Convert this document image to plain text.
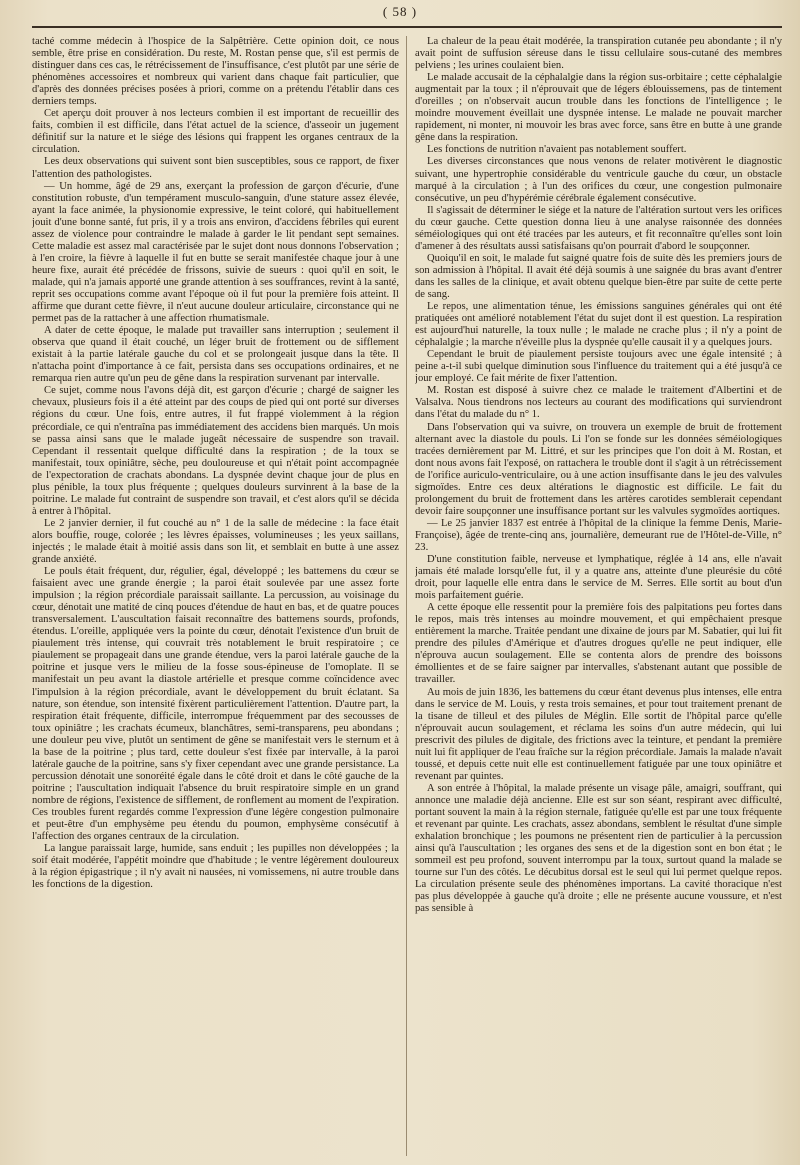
( 58 )

taché comme médecin à l'hospice de la Salpêtrière. Cette opinion doit, ce nous semble, être prise en considération. Du reste, M. Rostan pense que, s'il est permis de distinguer dans ces cas, le rétrécissement de l'insuffisance, c'est plutôt par une série de phénomènes accessoires et nombreux qui varient dans chaque fait particulier, que d'après des données précises posées à priori, comme on a prétendu l'établir dans ces derniers temps.

Cet aperçu doit prouver à nos lecteurs combien il est important de recueillir des faits, combien il est difficile, dans l'état actuel de la science, d'asseoir un jugement définitif sur la nature et le siége des lésions qui frappent les organes centraux de la circulation.

Les deux observations qui suivent sont bien susceptibles, sous ce rapport, de fixer l'attention des pathologistes.

— Un homme, âgé de 29 ans, exerçant la profession de garçon d'écurie, d'une constitution robuste, d'un tempérament musculo-sanguin, d'une stature assez élevée, ayant la face animée, la physionomie expressive, le teint coloré, qui habituellement jouit d'une bonne santé, fut pris, il y a trois ans environ, d'accidens fébriles qui eurent assez de violence pour contraindre le malade à garder le lit pendant sept semaines. Cette maladie est assez mal caractérisée par le sujet dont nous donnons l'observation ; à l'en croire, la fièvre à laquelle il fut en butte se serait manifestée chaque jour à une heure fixe, aurait été précédée de frissons, suivie de sueurs : quoi qu'il en soit, le malade, qui n'a jamais apporté une grande attention à ses souffrances, revint à la santé, reprit ses occupations comme avant l'époque où il fut pour la première fois atteint. Il affirme que durant cette fièvre, il n'eut aucune douleur articulaire, circonstance qui ne permet pas de la rattacher à une affection rhumatismale.

A dater de cette époque, le malade put travailler sans interruption ; seulement il observa que quand il était couché, un léger bruit de frottement ou de sifflement existait à la partie latérale gauche du col et se prolongeait jusque dans la tête. Il n'attacha point d'importance à ce fait, persista dans ses occupations ordinaires, et ne remarqua rien autre qu'un peu de gêne dans la respiration survenant par intervalle.

Ce sujet, comme nous l'avons déjà dit, est garçon d'écurie ; chargé de saigner les chevaux, plusieurs fois il a été atteint par des coups de pied qui ont porté sur diverses régions du cœur. Une fois, entre autres, il fut frappé violemment à la région précordiale, ce qui n'entraîna pas immédiatement des accidens bien marqués. Un mois se passa ainsi sans que le malade jugeât nécessaire de suspendre son travail. Cependant il ressentait quelque difficulté dans la respiration ; de la toux se manifestait, toux opiniâtre, sèche, peu douloureuse et qui n'était point accompagnée de l'expectoration de crachats abondans. La dyspnée devint chaque jour de plus en plus pénible, la toux plus fréquente ; quelques douleurs survinrent à la base de la poitrine. Le malade fut contraint de suspendre son travail, et c'est alors qu'il se décida à entrer à l'hôpital.

Le 2 janvier dernier, il fut couché au n° 1 de la salle de médecine : la face était alors bouffie, rouge, colorée ; les lèvres épaisses, volumineuses ; les yeux saillans, injectés ; le malade était à moitié assis dans son lit, et semblait en butte à une assez grande anxiété.

Le pouls était fréquent, dur, régulier, égal, développé ; les battemens du cœur se faisaient avec une grande énergie ; la paroi était soulevée par une assez forte impulsion ; la région précordiale paraissait saillante. La percussion, au voisinage du cœur, dénotait une matité de cinq pouces d'étendue de haut en bas, et de quatre pouces transversalement. L'auscultation faisait reconnaître des battemens sourds, profonds, étendus. L'oreille, appliquée vers la pointe du cœur, dénotait l'existence d'un bruit de piaulement très intense, qui couvrait très notablement le bruit respiratoire ; ce piaulement se propageait dans une grande étendue, vers la paroi latérale gauche de la poitrine et jusque vers le milieu de la fosse sous-épineuse de l'omoplate. Il se manifestait un peu avant la diastole artérielle et presque comme coïncidence avec l'impulsion à la région précordiale, avant le développement du bruit éclatant. Sa nature, son étendue, son intensité fixèrent particulièrement l'attention. D'autre part, la respiration était fréquente, difficile, interrompue fréquemment par des secousses de toux opiniâtre ; les crachats écumeux, blanchâtres, semi-transparens, peu abondans ; une douleur peu vive, plutôt un sentiment de gêne se manifestait vers le sternum et à la base de la poitrine ; plus tard, cette douleur s'est fixée par intervalle, à la paroi latérale gauche de la poitrine, sans s'y fixer cependant avec une grande persistance. La percussion dénotait une sonoréité égale dans le côté droit et dans le côté gauche de la poitrine ; l'auscultation indiquait l'absence du bruit respiratoire simple en un grand nombre de régions, l'existence de sifflement, de ronflement au moment de l'expiration. Ces troubles furent regardés comme l'expression d'une légère congestion pulmonaire et peut-être d'un emphysème peu étendu du poumon, emphysème consécutif à l'affection des organes centraux de la circulation.

La langue paraissait large, humide, sans enduit ; les pupilles non développées ; la soif était modérée, l'appétit moindre que d'habitude ; le ventre légèrement douloureux à la région épigastrique ; il n'y avait ni nausées, ni vomissemens, ni autre trouble dans les fonctions de la digestion.

La chaleur de la peau était modérée, la transpiration cutanée peu abondante ; il n'y avait point de suffusion séreuse dans le tissu cellulaire sous-cutané des membres pelviens ; les urines coulaient bien.

Le malade accusait de la céphalalgie dans la région sus-orbitaire ; cette céphalalgie augmentait par la toux ; il n'éprouvait que de légers éblouissemens, pas de tintement d'oreilles ; on n'observait aucun trouble dans les fonctions de l'intelligence ; le moindre mouvement éveillait une dyspnée intense. Le malade ne pouvait marcher rapidement, ni monter, ni mouvoir les bras avec force, sans être en butte à une grande gêne dans la respiration.

Les fonctions de nutrition n'avaient pas notablement souffert.

Les diverses circonstances que nous venons de relater motivèrent le diagnostic suivant, une hypertrophie considérable du ventricule gauche du cœur, un obstacle marqué à la circulation ; à l'un des orifices du cœur, une congestion pulmonaire consécutive, un peu d'hypérémie cérébrale également consécutive.

Il s'agissait de déterminer le siége et la nature de l'altération surtout vers les orifices du cœur gauche. Cette question donna lieu à une analyse raisonnée des données séméiologiques qui ont été tracées par les auteurs, et fit reconnaître qu'elles sont loin d'amener à des résultats aussi satisfaisans qu'on pourrait d'abord le soupçonner.

Quoiqu'il en soit, le malade fut saigné quatre fois de suite dès les premiers jours de son admission à l'hôpital. Il avait été déjà soumis à une saignée du bras avant d'entrer dans les salles de la clinique, et avait obtenu quelque bien-être par suite de cette perte de sang.

Le repos, une alimentation ténue, les émissions sanguines générales qui ont été pratiquées ont amélioré notablement l'état du sujet dont il est question. La respiration est aujourd'hui naturelle, la toux nulle ; le malade ne crache plus ; il n'y a point de céphalalgie ; la marche n'éveille plus la dyspnée qu'elle causait il y a quelques jours.

Cependant le bruit de piaulement persiste toujours avec une égale intensité ; à peine a-t-il subi quelque diminution sous l'influence du traitement qui a été jusqu'à ce jour employé. Ce fait mérite de fixer l'attention.

M. Rostan est disposé à suivre chez ce malade le traitement d'Albertini et de Valsalva. Nous tiendrons nos lecteurs au courant des modifications qui surviendront dans l'état du malade du n° 1.

Dans l'observation qui va suivre, on trouvera un exemple de bruit de frottement alternant avec la diastole du pouls. Li l'on se fonde sur les données séméiologiques tracées dernièrement par M. Littré, et sur les principes que l'on doit à M. Rostan, et dont nous avons fait l'exposé, on rattachera le trouble dont il s'agit à un rétrécissement de l'orifice auriculo-ventriculaire, ou à une action insuffisante dans le jeu des valvules sigmoïdes. Entre ces deux altérations le diagnostic est difficile. Le fait du prolongement du bruit de frottement dans les artères carotides semblerait cependant devoir faire soupçonner une insuffisance portant sur les valvules sygmoïdes aortiques.

— Le 25 janvier 1837 est entrée à l'hôpital de la clinique la femme Denis, Marie-Françoise), âgée de trente-cinq ans, journalière, demeurant rue de l'Hôtel-de-Ville, n° 23.

D'une constitution faible, nerveuse et lymphatique, réglée à 14 ans, elle n'avait jamais été malade lorsqu'elle fut, il y a quatre ans, atteinte d'une pleurésie du côté droit, pour laquelle elle entra dans le service de M. Serres. Elle sortit au bout d'un mois parfaitement guérie.

A cette époque elle ressentit pour la première fois des palpitations peu fortes dans le repos, mais très intenses au moindre mouvement, et qui empêchaient presque entièrement la marche. Traitée pendant une dixaine de jours par M. Sabatier, qui lui fit prendre des pilules d'Amérique et d'autres drogues qu'elle ne peut indiquer, elle n'éprouva aucun soulagement. Elle se contenta alors de prendre des boissons émollientes et de se faire saigner par intervalles, s'abstenant autant que possible de travailler.

Au mois de juin 1836, les battemens du cœur étant devenus plus intenses, elle entra dans le service de M. Louis, y resta trois semaines, et pour tout traitement prenant de la tisane de tilleul et des pilules de Méglin. Elle sortit de l'hôpital parce qu'elle n'éprouvait aucun soulagement, et réclama les soins d'un autre médecin, qui lui prescrivit des pilules de digitale, des frictions avec la teinture, et pendant la première nuit lui fit appliquer de l'eau fraîche sur la région précordiale. Jamais la malade n'avait toussé, et depuis cette nuit elle est continuellement fatiguée par une toux opiniâtre et revenant par quintes.

A son entrée à l'hôpital, la malade présente un visage pâle, amaigri, souffrant, qui annonce une maladie déjà ancienne. Elle est sur son séant, respirant avec difficulté, portant souvent la main à la région sternale, fatiguée qu'elle est par une toux fréquente et revenant par quinte. Les crachats, assez abondans, semblent le résultat d'une simple exhalation bronchique ; les poumons ne présentent rien de particulier à la percussion ainsi qu'à l'auscultation ; les organes des sens et de la digestion sont en bon état ; le sommeil est peu profond, souvent interrompu par la toux, surtout quand la malade se tourne sur l'un des côtés. Le décubitus dorsal est le seul qui lui permet quelque repos. La circulation présente seule des phénomènes importans. La cavité thoracique n'est pas plus développée à gauche qu'à droite ; elle ne présente aucune voussure, et n'est pas sensible à
